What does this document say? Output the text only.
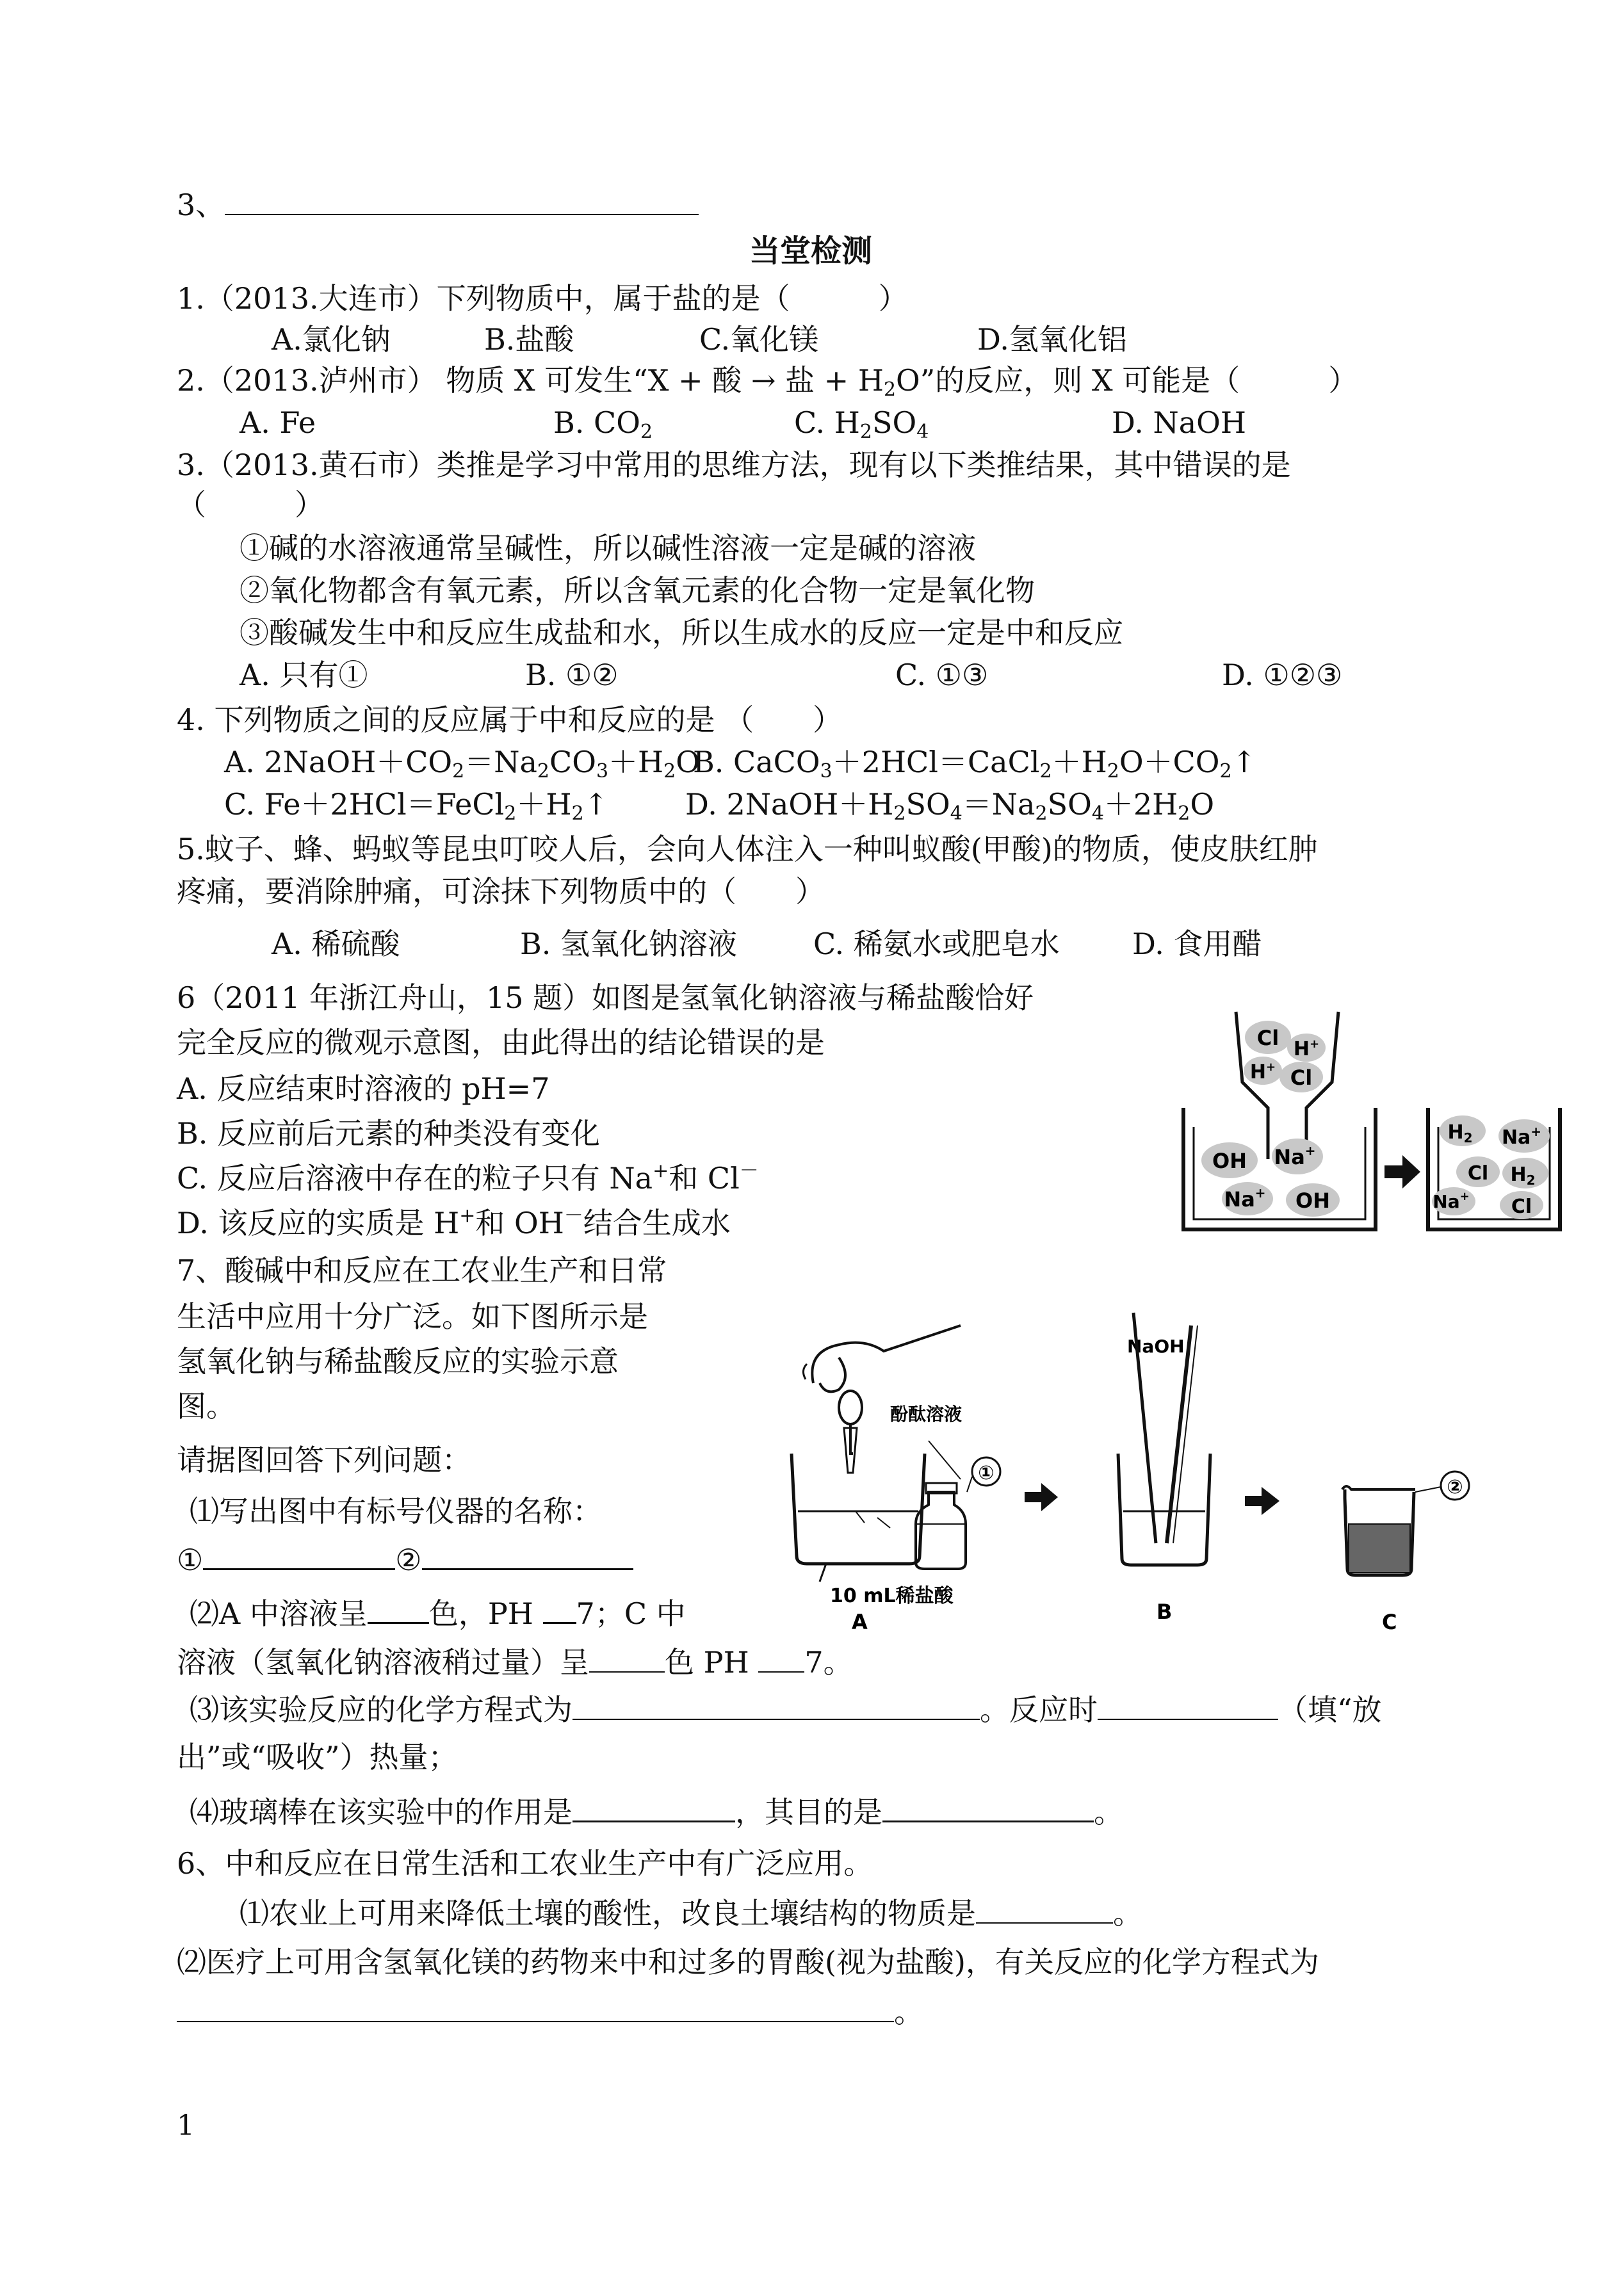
3、
当堂检测
1.（2013.大连市）下列物质中，属于盐的是（　　　）
A.氯化钠	B.盐酸	C.氧化镁	D.氢氧化铝
2.（2013.泸州市） 物质 X 可发生“X + 酸 → 盐 + $H_2O$”的反应，则 X 可能是（　　　）
A. Fe	B. $CO_2$	C. $H_2SO_4$	D. NaOH
3.（2013.黄石市）类推是学习中常用的思维方法，现有以下类推结果，其中错误的是
（　　　）
①碱的水溶液通常呈碱性，所以碱性溶液一定是碱的溶液
②氧化物都含有氧元素，所以含氧元素的化合物一定是氧化物
③酸碱发生中和反应生成盐和水，所以生成水的反应一定是中和反应
A. 只有①	B. ①②	C. ①③	D. ①②③
4. 下列物质之间的反应属于中和反应的是 （　　）
A. $2NaOH+CO_2=Na_2CO_3+H_2O$
B. $CaCO_3+2HCl=CaCl_2+H_2O+CO_2↑$
C. $Fe+2HCl=FeCl_2+H_2↑$	D. $2NaOH+H_2SO_4=Na_2SO_4+2H_2O$
5.蚊子、蜂、蚂蚁等昆虫叮咬人后，会向人体注入一种叫蚁酸(甲酸)的物质，使皮肤红肿
疼痛，要消除肿痛，可涂抹下列物质中的（　　）
A. 稀硫酸	B. 氢氧化钠溶液	C. 稀氨水或肥皂水 D. 食用醋
6（2011 年浙江舟山，15 题）如图是氢氧化钠溶液与稀盐酸恰好
完全反应的微观示意图，由此得出的结论错误的是
A. 反应结束时溶液的 pH=7
B. 反应前后元素的种类没有变化
C. 反应后溶液中存在的粒子只有 Na+和 Cl－
D. 该反应的实质是 H+和 OH－结合生成水
Cl H+
H+ Cl
OH Na+
Na+ OH
$H_2$ Na+
Cl $H_2$
Na+ Cl
7、酸碱中和反应在工农业生产和日常
生活中应用十分广泛。如下图所示是
氢氧化钠与稀盐酸反应的实验示意
图。
请据图回答下列问题：
⑴写出图中有标号仪器的名称：
①	②
⑵A 中溶液呈 色，PH 7；C 中
溶液（氢氧化钠溶液稍过量）呈	色 PH 7。
⑶该实验反应的化学方程式为	。反应时	（填“放
出”或“吸收”）热量；
⑷玻璃棒在该实验中的作用是	，其目的是	。
酚酞溶液
10 mL稀盐酸
①
A
NaOH
B
②
C
6、中和反应在日常生活和工农业生产中有广泛应用。
⑴农业上可用来降低土壤的酸性，改良土壤结构的物质是	。
⑵医疗上可用含氢氧化镁的药物来中和过多的胃酸(视为盐酸)，有关反应的化学方程式为
。
1
